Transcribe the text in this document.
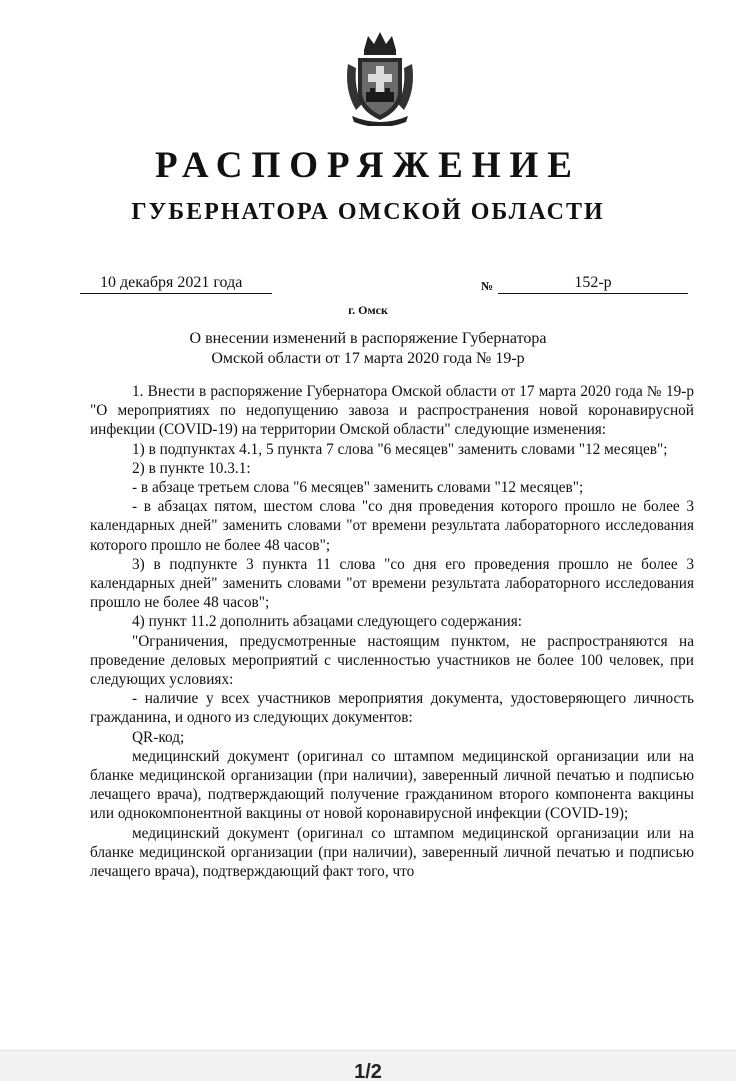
РАСПОРЯЖЕНИЕ
ГУБЕРНАТОРА ОМСКОЙ ОБЛАСТИ
10 декабря 2021 года	№	152-р
г. Омск
О внесении изменений в распоряжение Губернатора
Омской области от 17 марта 2020 года № 19-р

1. Внести в распоряжение Губернатора Омской области от 17 марта 2020 года № 19-р "О мероприятиях по недопущению завоза и распространения новой коронавирусной инфекции (COVID-19) на территории Омской области" следующие изменения:

1) в подпунктах 4.1, 5 пункта 7 слова "6 месяцев" заменить словами "12 месяцев";

2) в пункте 10.3.1:

- в абзаце третьем слова "6 месяцев" заменить словами "12 месяцев";

- в абзацах пятом, шестом слова "со дня проведения которого прошло не более 3 календарных дней" заменить словами "от времени результата лабораторного исследования которого прошло не более 48 часов";

3) в подпункте 3 пункта 11 слова "со дня его проведения прошло не более 3 календарных дней" заменить словами "от времени результата лабораторного исследования прошло не более 48 часов";

4) пункт 11.2 дополнить абзацами следующего содержания:

"Ограничения, предусмотренные настоящим пунктом, не распространяются на проведение деловых мероприятий с численностью участников не более 100 человек, при следующих условиях:

- наличие у всех участников мероприятия документа, удостоверяющего личность гражданина, и одного из следующих документов:

QR-код;

медицинский документ (оригинал со штампом медицинской организации или на бланке медицинской организации (при наличии), заверенный личной печатью и подписью лечащего врача), подтверждающий получение гражданином второго компонента вакцины или однокомпонентной вакцины от новой коронавирусной инфекции (COVID-19);

медицинский документ (оригинал со штампом медицинской организации или на бланке медицинской организации (при наличии), заверенный личной печатью и подписью лечащего врача), подтверждающий факт того, что

1/2
